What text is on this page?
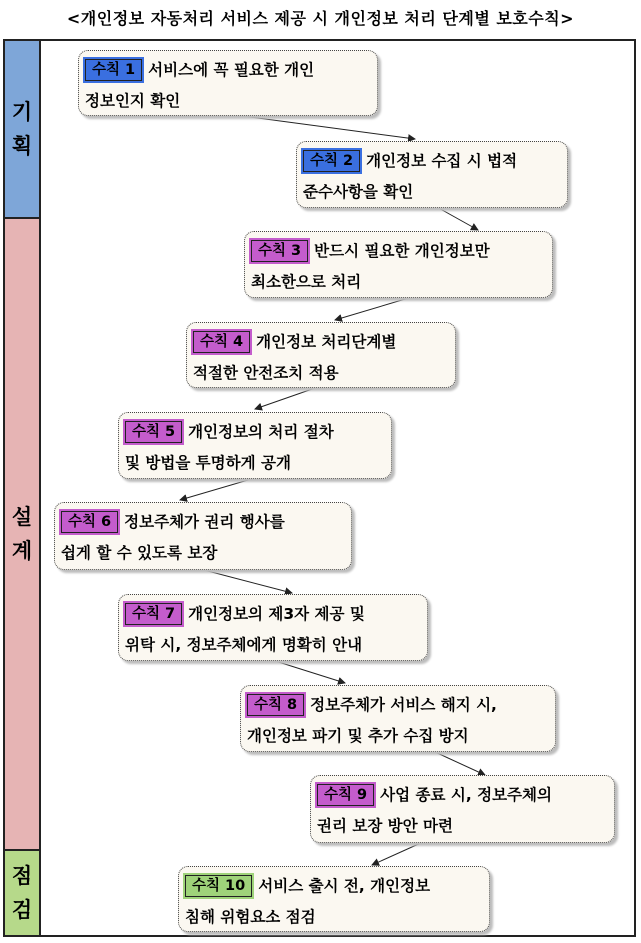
<개인정보 자동처리 서비스 제공 시 개인정보 처리 단계별 보호수칙>
기
획
설
계
점
검
수칙 1 서비스에 꼭 필요한 개인
정보인지 확인
수칙 2 개인정보 수집 시 법적
준수사항을 확인
수칙 3 반드시 필요한 개인정보만
최소한으로 처리
수칙 4 개인정보 처리단계별
적절한 안전조치 적용
수칙 5 개인정보의 처리 절차
및 방법을 투명하게 공개
수칙 6 정보주체가 권리 행사를
쉽게 할 수 있도록 보장
수칙 7 개인정보의 제3자 제공 및
위탁 시, 정보주체에게 명확히 안내
수칙 8 정보주체가 서비스 해지 시,
개인정보 파기 및 추가 수집 방지
수칙 9 사업 종료 시, 정보주체의
권리 보장 방안 마련
수칙 10 서비스 출시 전, 개인정보
침해 위험요소 점검
